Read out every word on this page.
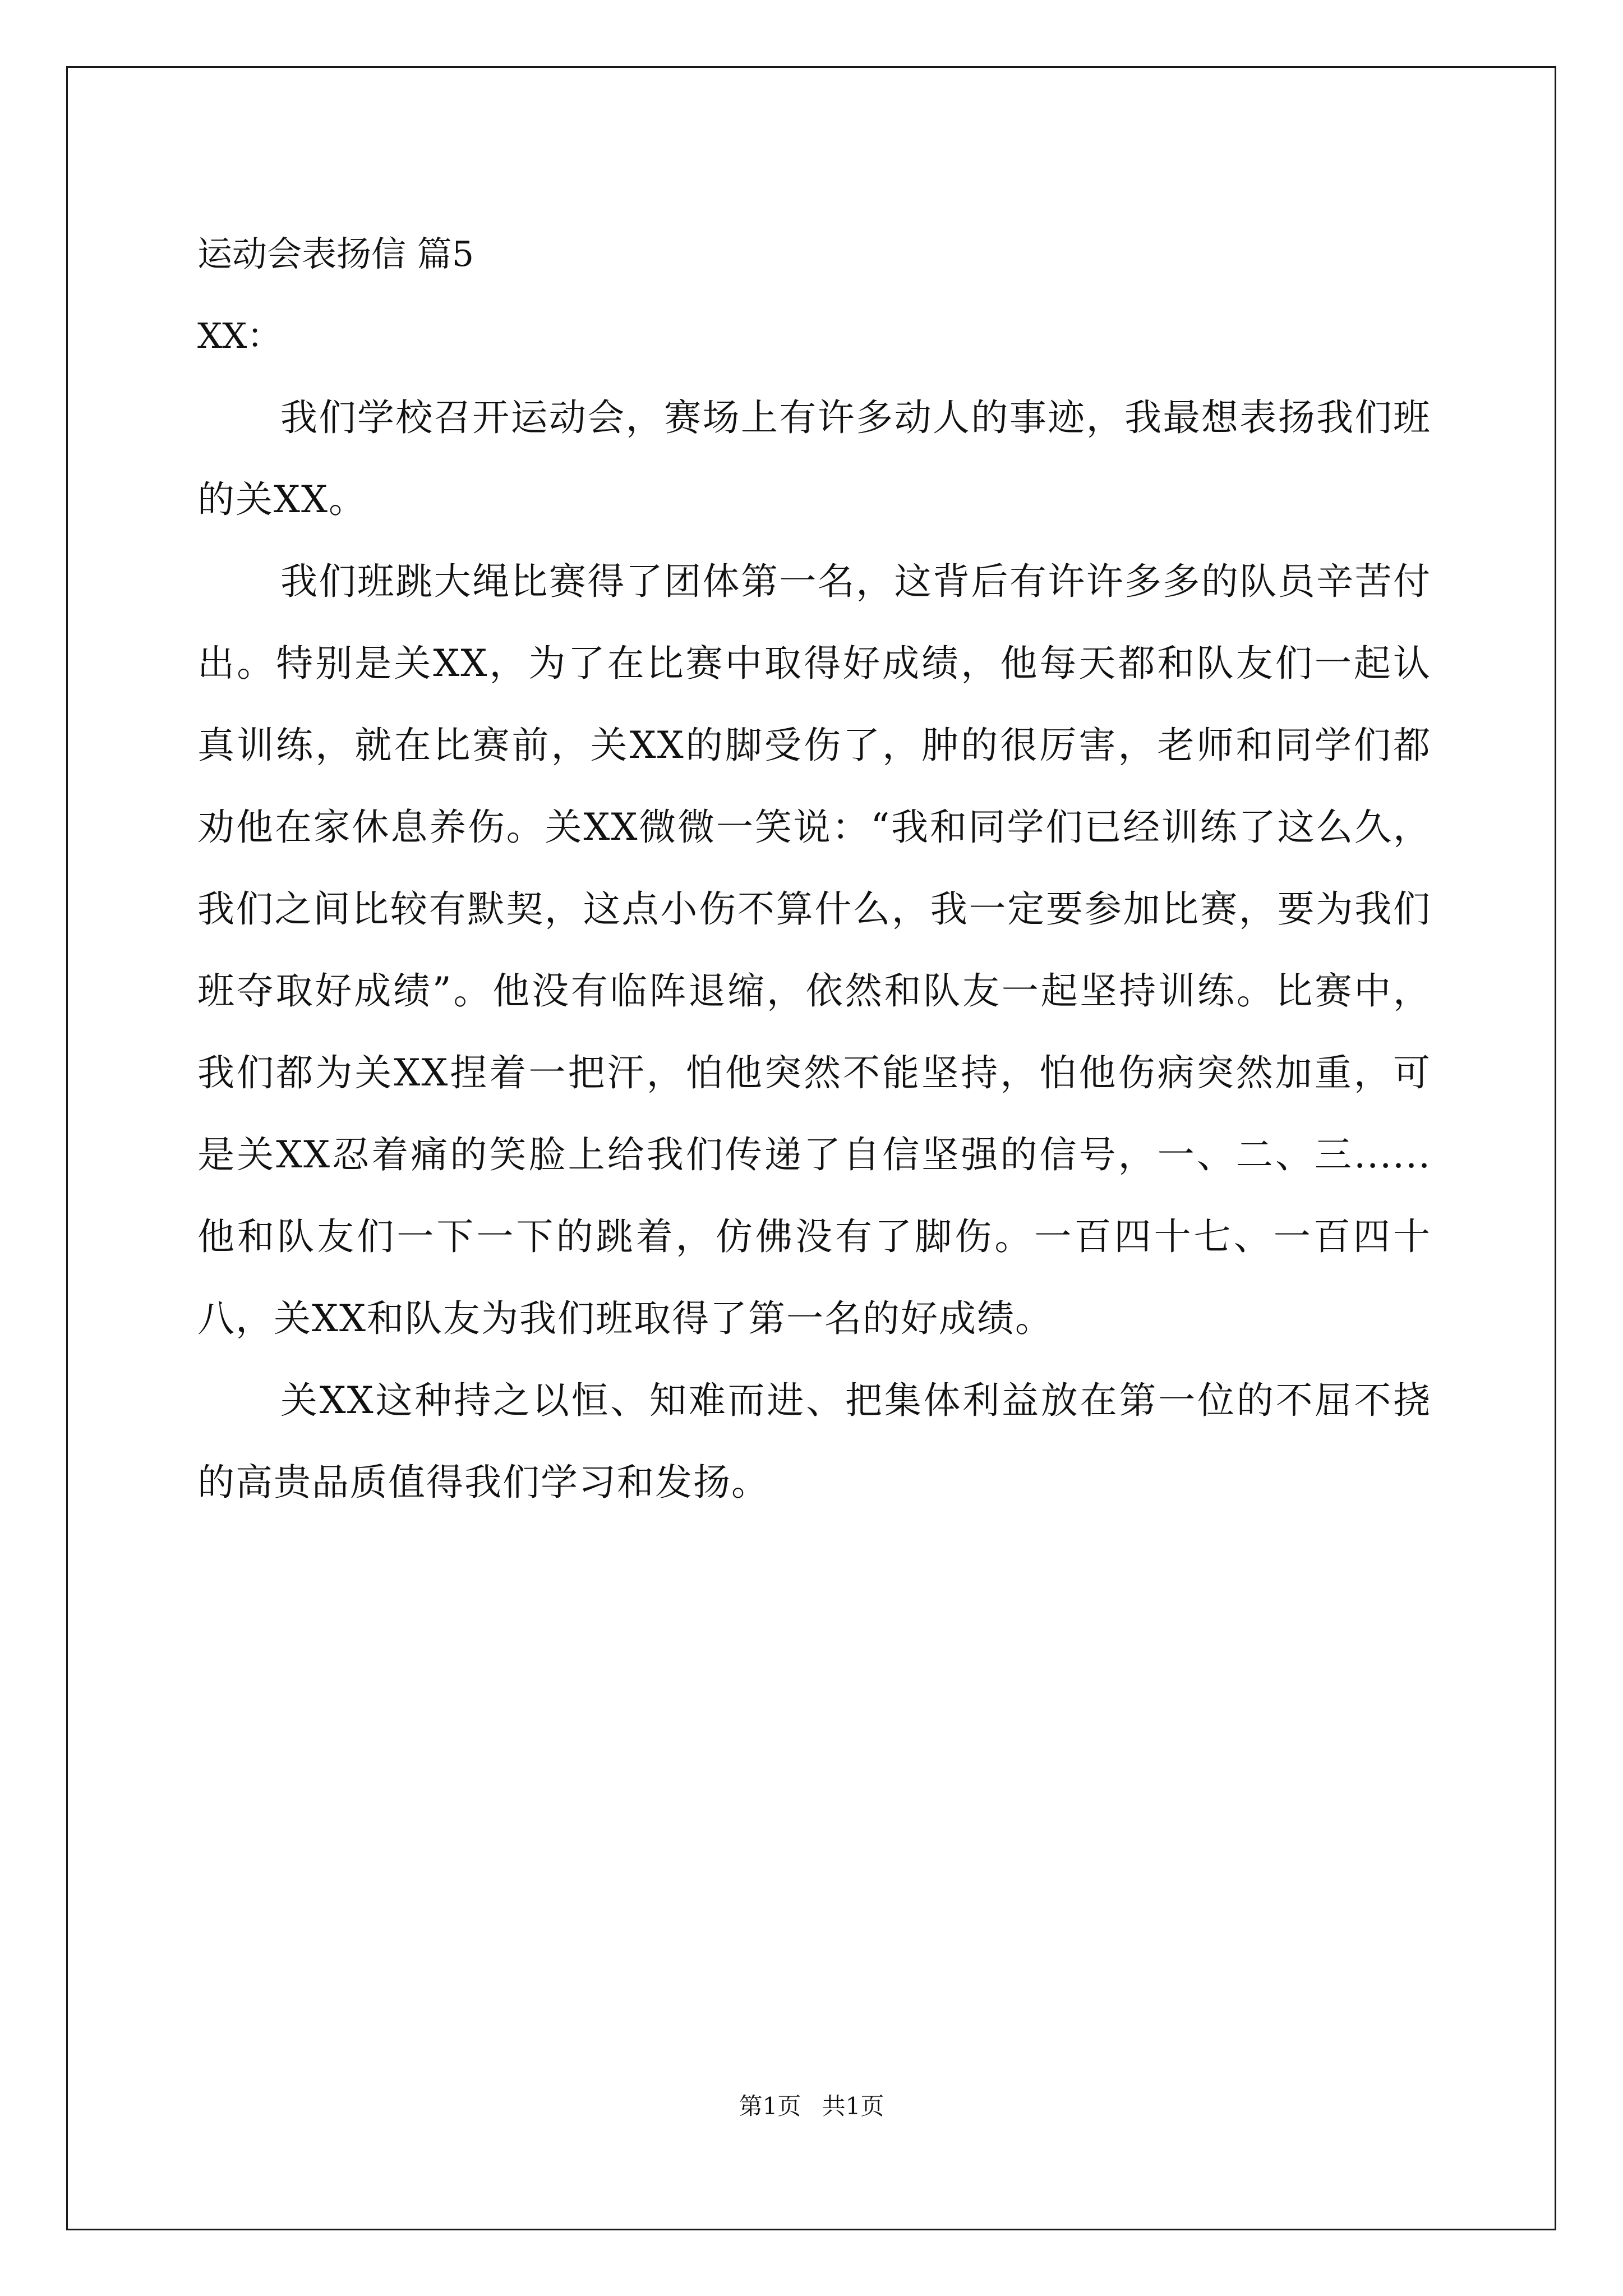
运动会表扬信 篇5

XX：

我们学校召开运动会，赛场上有许多动人的事迹，我最想表扬我们班的关XX。

我们班跳大绳比赛得了团体第一名，这背后有许许多多的队员辛苦付出。特别是关XX，为了在比赛中取得好成绩，他每天都和队友们一起认真训练，就在比赛前，关XX的脚受伤了，肿的很厉害，老师和同学们都劝他在家休息养伤。关XX微微一笑说：“我和同学们已经训练了这么久， 我们之间比较有默契，这点小伤不算什么，我一定要参加比赛，要为我们班夺取好成绩”。他没有临阵退缩，依然和队友一起坚持训练。比赛中，我们都为关XX捏着一把汗，怕他突然不能坚持，怕他伤病突然加重，可是关XX忍着痛的笑脸上给我们传递了自信坚强的信号，一、二、三......他和队友们一下一下的跳着，仿佛没有了脚伤。一百四十七、一百四十八，关XX和队友为我们班取得了第一名的好成绩。

关XX这种持之以恒、知难而进、把集体利益放在第一位的不屈不挠的高贵品质值得我们学习和发扬。

第1页 共1页
